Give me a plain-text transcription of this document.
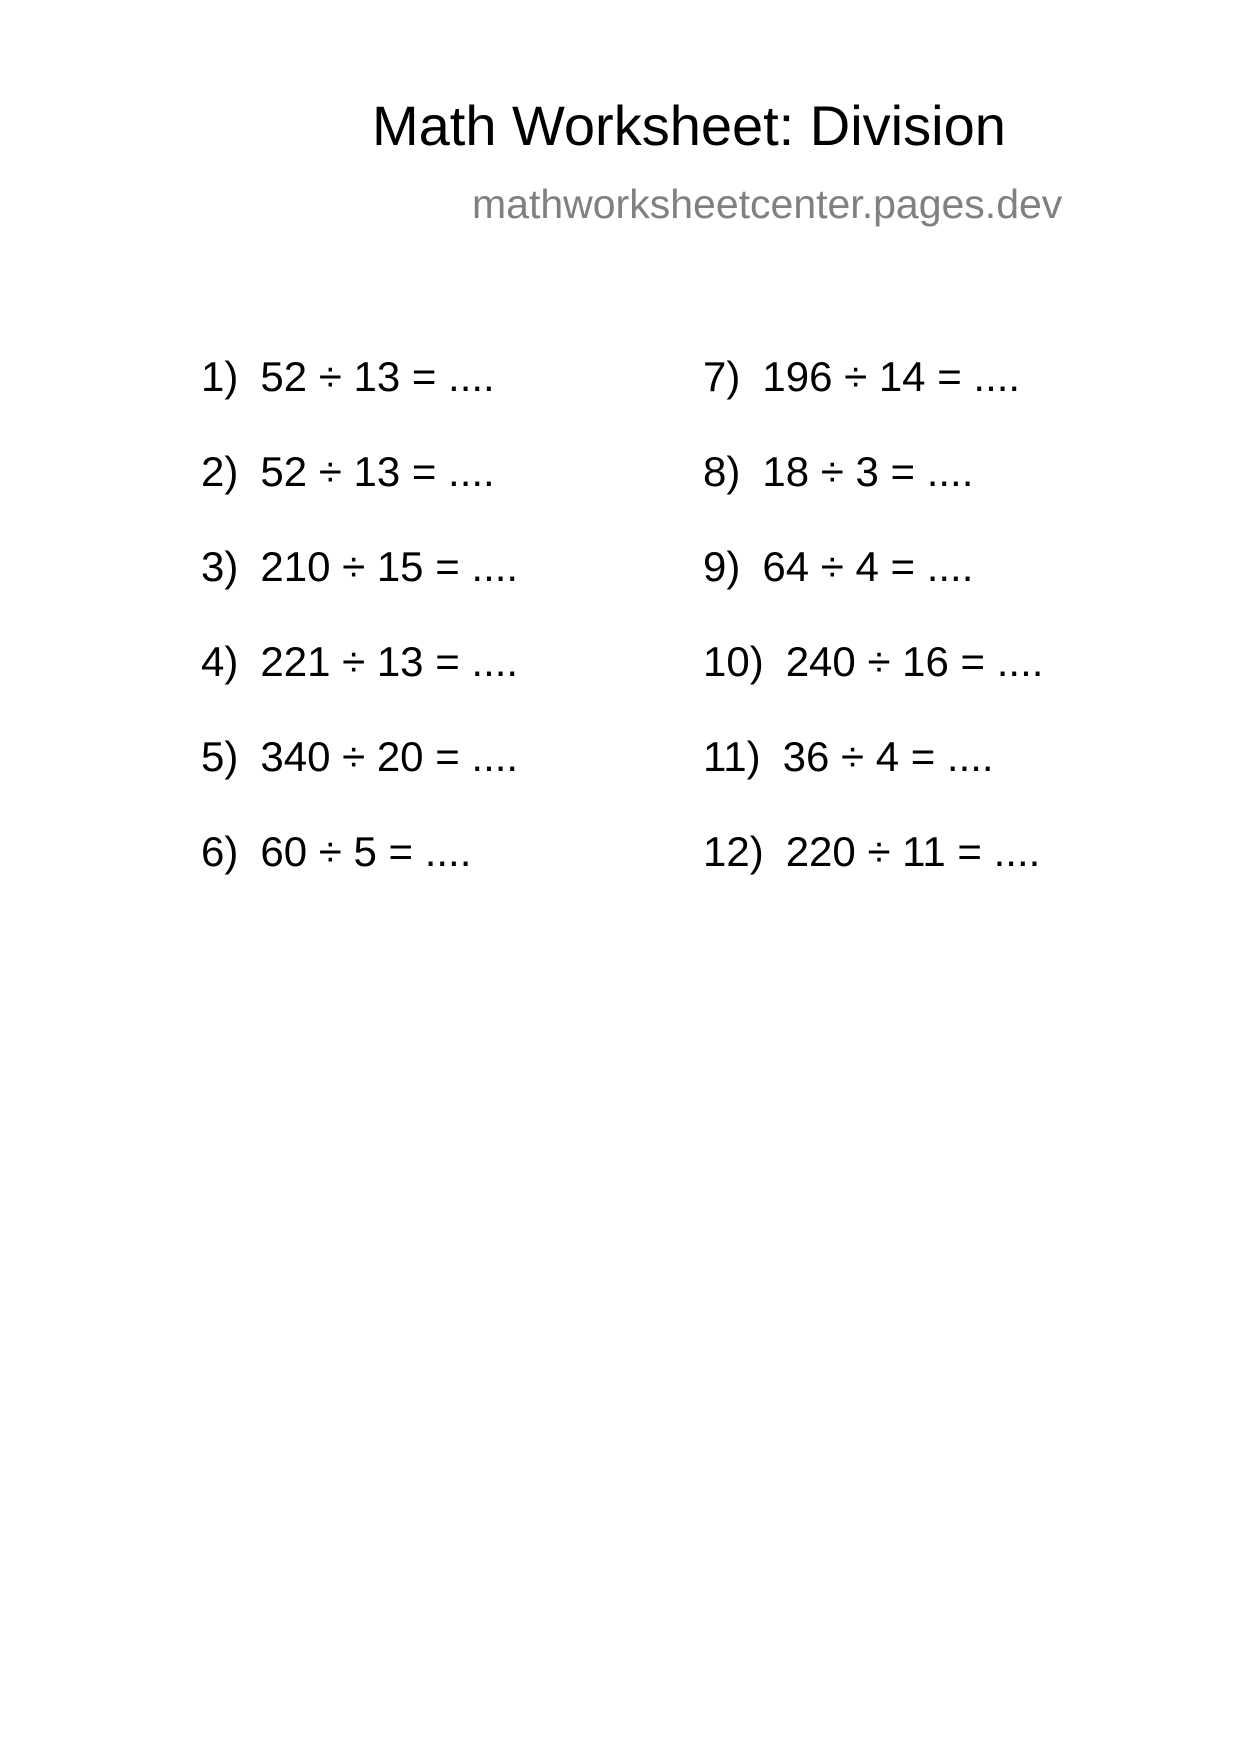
Math Worksheet: Division
mathworksheetcenter.pages.dev
1) 52 ÷ 13 = ....
2) 52 ÷ 13 = ....
3) 210 ÷ 15 = ....
4) 221 ÷ 13 = ....
5) 340 ÷ 20 = ....
6) 60 ÷ 5 = ....
7) 196 ÷ 14 = ....
8) 18 ÷ 3 = ....
9) 64 ÷ 4 = ....
10) 240 ÷ 16 = ....
11) 36 ÷ 4 = ....
12) 220 ÷ 11 = ....
